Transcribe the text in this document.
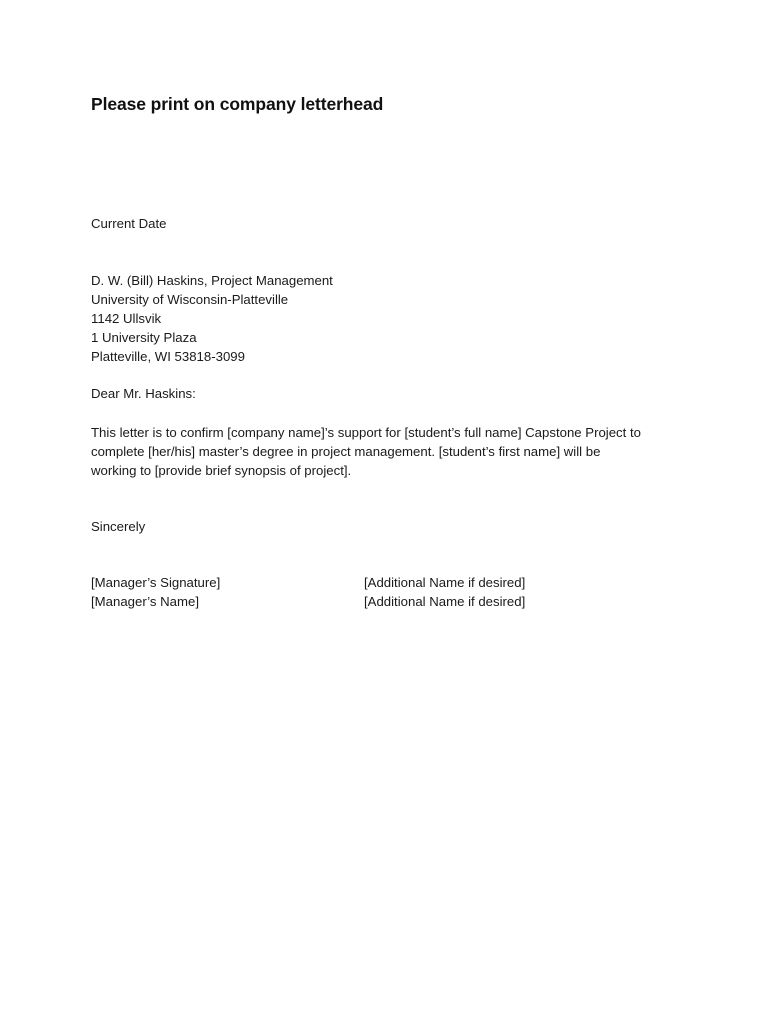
Please print on company letterhead
Current Date
D. W. (Bill) Haskins, Project Management
University of Wisconsin-Platteville
1142 Ullsvik
1 University Plaza
Platteville, WI 53818-3099
Dear Mr. Haskins:
This letter is to confirm [company name]’s support for [student’s full name] Capstone Project to
complete [her/his] master’s degree in project management. [student’s first name] will be
working to [provide brief synopsis of project].
Sincerely
[Manager’s Signature]
[Manager’s Name]
[Additional Name if desired]
[Additional Name if desired]
